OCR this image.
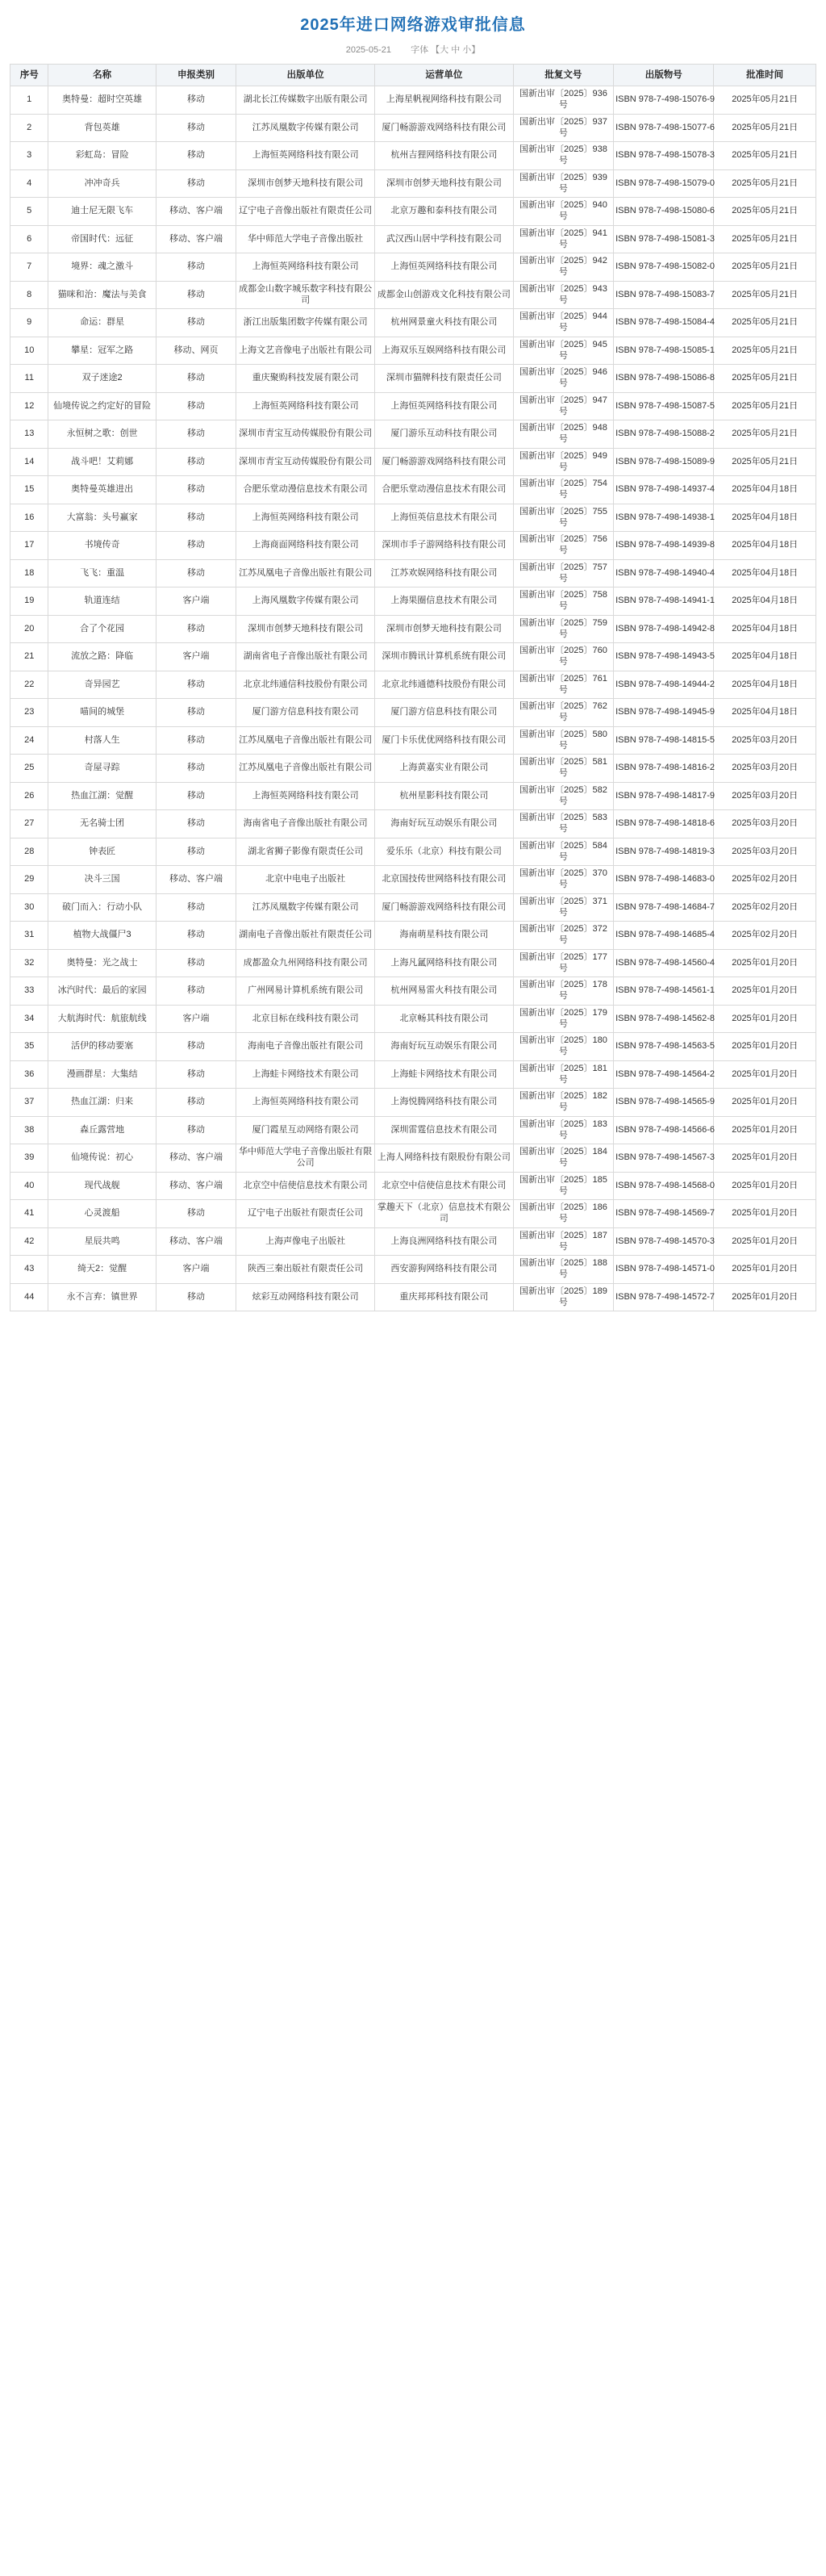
2025年进口网络游戏审批信息
2025-05-21 字体 【大 中 小】
序号	名称	申报类别	出版单位	运营单位	批复文号	出版物号	批准时间
1	奥特曼：超时空英雄	移动	湖北长江传媒数字出版有限公司	上海星帆视网络科技有限公司	国新出审〔2025〕936号	ISBN 978-7-498-15076-9	2025年05月21日
2	背包英雄	移动	江苏凤凰数字传媒有限公司	厦门畅游游戏网络科技有限公司	国新出审〔2025〕937号	ISBN 978-7-498-15077-6	2025年05月21日
3	彩虹岛：冒险	移动	上海恒英网络科技有限公司	杭州吉狸网络科技有限公司	国新出审〔2025〕938号	ISBN 978-7-498-15078-3	2025年05月21日
4	冲冲奇兵	移动	深圳市创梦天地科技有限公司	深圳市创梦天地科技有限公司	国新出审〔2025〕939号	ISBN 978-7-498-15079-0	2025年05月21日
5	迪士尼无限飞车	移动、客户端	辽宁电子音像出版社有限责任公司	北京万趣和泰科技有限公司	国新出审〔2025〕940号	ISBN 978-7-498-15080-6	2025年05月21日
6	帝国时代：远征	移动、客户端	华中师范大学电子音像出版社	武汉西山居中学科技有限公司	国新出审〔2025〕941号	ISBN 978-7-498-15081-3	2025年05月21日
7	境界：魂之激斗	移动	上海恒英网络科技有限公司	上海恒英网络科技有限公司	国新出审〔2025〕942号	ISBN 978-7-498-15082-0	2025年05月21日
8	猫咪和治：魔法与美食	移动	成都金山数字城乐数字科技有限公司	成都金山创游戏文化科技有限公司	国新出审〔2025〕943号	ISBN 978-7-498-15083-7	2025年05月21日
9	命运：群星	移动	浙江出版集团数字传媒有限公司	杭州网景童火科技有限公司	国新出审〔2025〕944号	ISBN 978-7-498-15084-4	2025年05月21日
10	攀星：冠军之路	移动、网页	上海文艺音像电子出版社有限公司	上海双乐互娱网络科技有限公司	国新出审〔2025〕945号	ISBN 978-7-498-15085-1	2025年05月21日
11	双子迷途2	移动	重庆聚购科技发展有限公司	深圳市猫牌科技有限责任公司	国新出审〔2025〕946号	ISBN 978-7-498-15086-8	2025年05月21日
12	仙境传说之约定好的冒险	移动	上海恒英网络科技有限公司	上海恒英网络科技有限公司	国新出审〔2025〕947号	ISBN 978-7-498-15087-5	2025年05月21日
13	永恒树之歌：创世	移动	深圳市青宝互动传媒股份有限公司	厦门游乐互动科技有限公司	国新出审〔2025〕948号	ISBN 978-7-498-15088-2	2025年05月21日
14	战斗吧！艾莉娜	移动	深圳市青宝互动传媒股份有限公司	厦门畅游游戏网络科技有限公司	国新出审〔2025〕949号	ISBN 978-7-498-15089-9	2025年05月21日
15	奥特曼英雄进出	移动	合肥乐堂动漫信息技术有限公司	合肥乐堂动漫信息技术有限公司	国新出审〔2025〕754号	ISBN 978-7-498-14937-4	2025年04月18日
16	大富翁：头号赢家	移动	上海恒英网络科技有限公司	上海恒英信息技术有限公司	国新出审〔2025〕755号	ISBN 978-7-498-14938-1	2025年04月18日
17	书境传奇	移动	上海商面网络科技有限公司	深圳市手子游网络科技有限公司	国新出审〔2025〕756号	ISBN 978-7-498-14939-8	2025年04月18日
18	飞飞：重温	移动	江苏凤凰电子音像出版社有限公司	江苏欢娱网络科技有限公司	国新出审〔2025〕757号	ISBN 978-7-498-14940-4	2025年04月18日
19	轨道连结	客户端	上海风凰数字传媒有限公司	上海果圈信息技术有限公司	国新出审〔2025〕758号	ISBN 978-7-498-14941-1	2025年04月18日
20	合了个花园	移动	深圳市创梦天地科技有限公司	深圳市创梦天地科技有限公司	国新出审〔2025〕759号	ISBN 978-7-498-14942-8	2025年04月18日
21	流放之路：降临	客户端	湖南省电子音像出版社有限公司	深圳市腾讯计算机系统有限公司	国新出审〔2025〕760号	ISBN 978-7-498-14943-5	2025年04月18日
22	奇异园艺	移动	北京北纬通信科技股份有限公司	北京北纬通德科技股份有限公司	国新出审〔2025〕761号	ISBN 978-7-498-14944-2	2025年04月18日
23	喵间的城堡	移动	厦门游方信息科技有限公司	厦门游方信息科技有限公司	国新出审〔2025〕762号	ISBN 978-7-498-14945-9	2025年04月18日
24	村落人生	移动	江苏凤凰电子音像出版社有限公司	厦门卡乐优优网络科技有限公司	国新出审〔2025〕580号	ISBN 978-7-498-14815-5	2025年03月20日
25	奇屋寻踪	移动	江苏凤凰电子音像出版社有限公司	上海黄嘉实业有限公司	国新出审〔2025〕581号	ISBN 978-7-498-14816-2	2025年03月20日
26	热血江湖：觉醒	移动	上海恒英网络科技有限公司	杭州星影科技有限公司	国新出审〔2025〕582号	ISBN 978-7-498-14817-9	2025年03月20日
27	无名骑士团	移动	海南省电子音像出版社有限公司	海南好玩互动娱乐有限公司	国新出审〔2025〕583号	ISBN 978-7-498-14818-6	2025年03月20日
28	钟表匠	移动	湖北省狮子影像有限责任公司	爱乐乐（北京）科技有限公司	国新出审〔2025〕584号	ISBN 978-7-498-14819-3	2025年03月20日
29	决斗三国	移动、客户端	北京中电电子出版社	北京国技传世网络科技有限公司	国新出审〔2025〕370号	ISBN 978-7-498-14683-0	2025年02月20日
30	破门而入：行动小队	移动	江苏凤凰数字传媒有限公司	厦门畅游游戏网络科技有限公司	国新出审〔2025〕371号	ISBN 978-7-498-14684-7	2025年02月20日
31	植物大战僵尸3	移动	湖南电子音像出版社有限责任公司	海南萌星科技有限公司	国新出审〔2025〕372号	ISBN 978-7-498-14685-4	2025年02月20日
32	奥特曼：光之战士	移动	成都盈众九州网络科技有限公司	上海凡氲网络科技有限公司	国新出审〔2025〕177号	ISBN 978-7-498-14560-4	2025年01月20日
33	冰汽时代：最后的家园	移动	广州网易计算机系统有限公司	杭州网易雷火科技有限公司	国新出审〔2025〕178号	ISBN 978-7-498-14561-1	2025年01月20日
34	大航海时代：航旅航线	客户端	北京目标在线科技有限公司	北京畅其科技有限公司	国新出审〔2025〕179号	ISBN 978-7-498-14562-8	2025年01月20日
35	活伊的移动要塞	移动	海南电子音像出版社有限公司	海南好玩互动娱乐有限公司	国新出审〔2025〕180号	ISBN 978-7-498-14563-5	2025年01月20日
36	漫画群星：大集结	移动	上海蛙卡网络技术有限公司	上海蛙卡网络技术有限公司	国新出审〔2025〕181号	ISBN 978-7-498-14564-2	2025年01月20日
37	热血江湖：归来	移动	上海恒英网络科技有限公司	上海悦腾网络科技有限公司	国新出审〔2025〕182号	ISBN 978-7-498-14565-9	2025年01月20日
38	森丘露营地	移动	厦门霞星互动网络有限公司	深圳雷霆信息技术有限公司	国新出审〔2025〕183号	ISBN 978-7-498-14566-6	2025年01月20日
39	仙境传说：初心	移动、客户端	华中师范大学电子音像出版社有限公司	上海人网络科技有限股份有限公司	国新出审〔2025〕184号	ISBN 978-7-498-14567-3	2025年01月20日
40	现代战舰	移动、客户端	北京空中信使信息技术有限公司	北京空中信使信息技术有限公司	国新出审〔2025〕185号	ISBN 978-7-498-14568-0	2025年01月20日
41	心灵渡船	移动	辽宁电子出版社有限责任公司	掌趣天下（北京）信息技术有限公司	国新出审〔2025〕186号	ISBN 978-7-498-14569-7	2025年01月20日
42	星辰共鸣	移动、客户端	上海声像电子出版社	上海良洲网络科技有限公司	国新出审〔2025〕187号	ISBN 978-7-498-14570-3	2025年01月20日
43	绮天2：觉醒	客户端	陕西三秦出版社有限责任公司	西安游狗网络科技有限公司	国新出审〔2025〕188号	ISBN 978-7-498-14571-0	2025年01月20日
44	永不言弃：镇世界	移动	炫彩互动网络科技有限公司	重庆邦邦科技有限公司	国新出审〔2025〕189号	ISBN 978-7-498-14572-7	2025年01月20日
